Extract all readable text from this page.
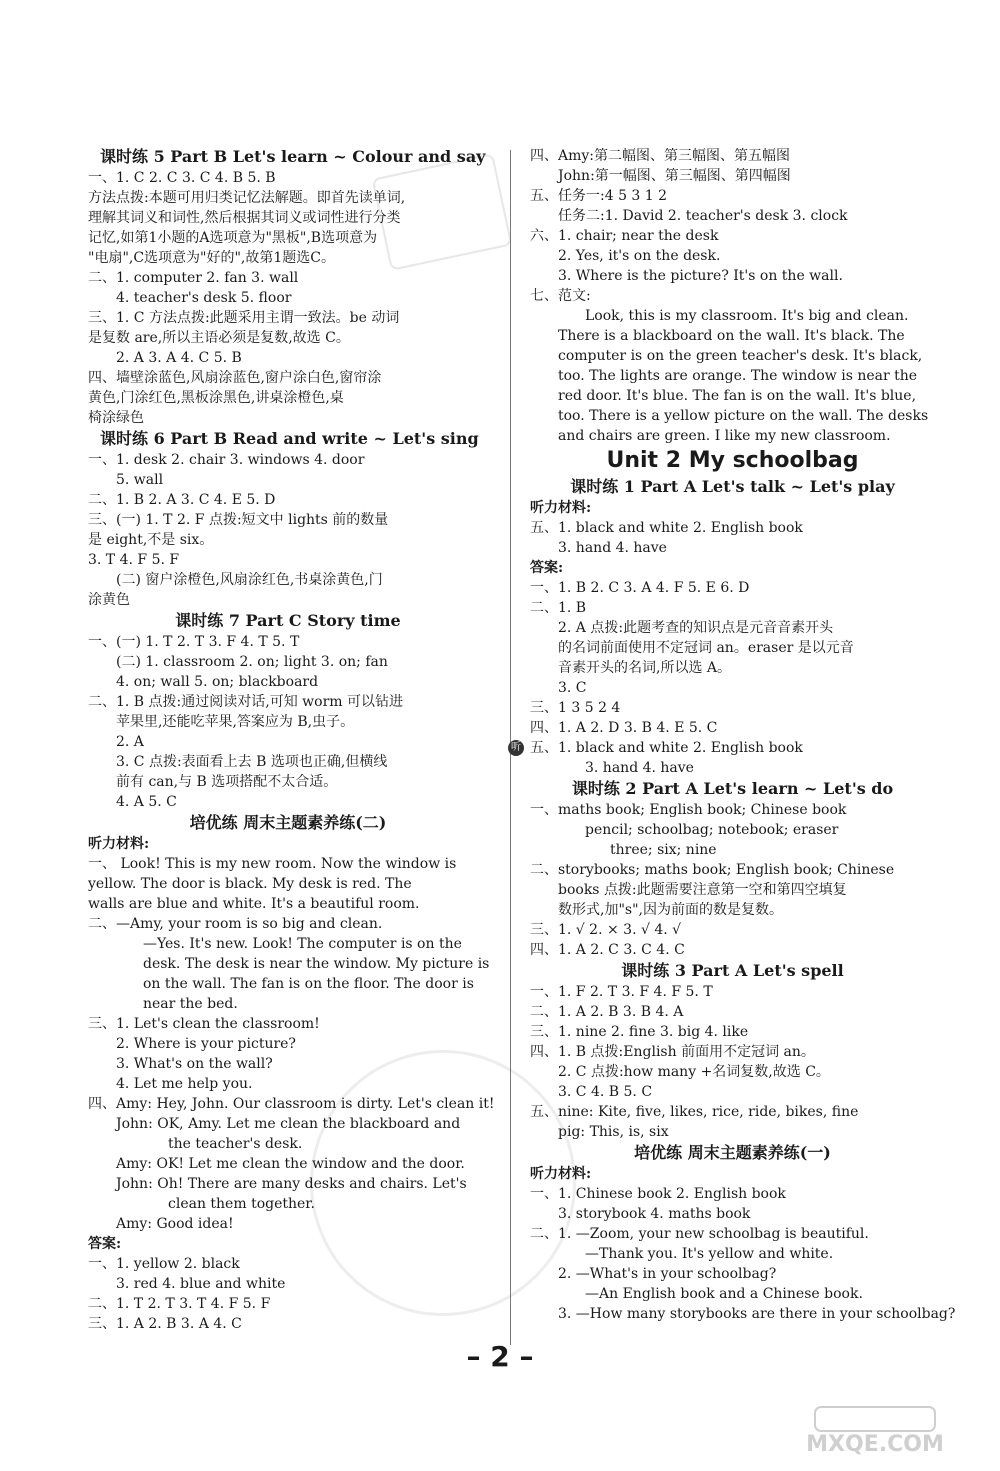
课时练 5 Part B Let's learn ~ Colour and say
一、1. C 2. C 3. C 4. B 5. B
方法点拨:本题可用归类记忆法解题。即首先读单词,
理解其词义和词性,然后根据其词义或词性进行分类
记忆,如第1小题的A选项意为"黑板",B选项意为
"电扇",C选项意为"好的",故第1题选C。
二、1. computer 2. fan 3. wall
4. teacher's desk 5. floor
三、1. C 方法点拨:此题采用主谓一致法。be 动词
是复数 are,所以主语必须是复数,故选 C。
2. A 3. A 4. C 5. B
四、墙壁涂蓝色,风扇涂蓝色,窗户涂白色,窗帘涂
黄色,门涂红色,黑板涂黑色,讲桌涂橙色,桌
椅涂绿色
课时练 6 Part B Read and write ~ Let's sing
一、1. desk 2. chair 3. windows 4. door
5. wall
二、1. B 2. A 3. C 4. E 5. D
三、(一) 1. T 2. F 点拨:短文中 lights 前的数量
是 eight,不是 six。
3. T 4. F 5. F
(二) 窗户涂橙色,风扇涂红色,书桌涂黄色,门
涂黄色
课时练 7 Part C Story time
一、(一) 1. T 2. T 3. F 4. T 5. T
(二) 1. classroom 2. on; light 3. on; fan
4. on; wall 5. on; blackboard
二、1. B 点拨:通过阅读对话,可知 worm 可以钻进
苹果里,还能吃苹果,答案应为 B,虫子。
2. A
3. C 点拨:表面看上去 B 选项也正确,但横线
前有 can,与 B 选项搭配不太合适。
4. A 5. C
培优练 周末主题素养练(二)
听力材料:
一、 Look! This is my new room. Now the window is
yellow. The door is black. My desk is red. The
walls are blue and white. It's a beautiful room.
二、—Amy, your room is so big and clean.
—Yes. It's new. Look! The computer is on the
desk. The desk is near the window. My picture is
on the wall. The fan is on the floor. The door is
near the bed.
三、1. Let's clean the classroom!
2. Where is your picture?
3. What's on the wall?
4. Let me help you.
四、Amy: Hey, John. Our classroom is dirty. Let's clean it!
John: OK, Amy. Let me clean the blackboard and
the teacher's desk.
Amy: OK! Let me clean the window and the door.
John: Oh! There are many desks and chairs. Let's
clean them together.
Amy: Good idea!
答案:
一、1. yellow 2. black
3. red 4. blue and white
二、1. T 2. T 3. T 4. F 5. F
三、1. A 2. B 3. A 4. C
四、Amy:第二幅图、第三幅图、第五幅图
John:第一幅图、第三幅图、第四幅图
五、任务一:4 5 3 1 2
任务二:1. David 2. teacher's desk 3. clock
六、1. chair; near the desk
2. Yes, it's on the desk.
3. Where is the picture? It's on the wall.
七、范文:
Look, this is my classroom. It's big and clean.
There is a blackboard on the wall. It's black. The
computer is on the green teacher's desk. It's black,
too. The lights are orange. The window is near the
red door. It's blue. The fan is on the wall. It's blue,
too. There is a yellow picture on the wall. The desks
and chairs are green. I like my new classroom.
Unit 2 My schoolbag
课时练 1 Part A Let's talk ~ Let's play
听力材料:
五、1. black and white 2. English book
3. hand 4. have
答案:
一、1. B 2. C 3. A 4. F 5. E 6. D
二、1. B
2. A 点拨:此题考查的知识点是元音音素开头
的名词前面使用不定冠词 an。eraser 是以元音
音素开头的名词,所以选 A。
3. C
三、1 3 5 2 4
四、1. A 2. D 3. B 4. E 5. C
听 五、1. black and white 2. English book
3. hand 4. have
课时练 2 Part A Let's learn ~ Let's do
一、maths book; English book; Chinese book
pencil; schoolbag; notebook; eraser
three; six; nine
二、storybooks; maths book; English book; Chinese
books 点拨:此题需要注意第一空和第四空填复
数形式,加"s",因为前面的数是复数。
三、1. √ 2. × 3. √ 4. √
四、1. A 2. C 3. C 4. C
课时练 3 Part A Let's spell
一、1. F 2. T 3. F 4. F 5. T
二、1. A 2. B 3. B 4. A
三、1. nine 2. fine 3. big 4. like
四、1. B 点拨:English 前面用不定冠词 an。
2. C 点拨:how many +名词复数,故选 C。
3. C 4. B 5. C
五、nine: Kite, five, likes, rice, ride, bikes, fine
pig: This, is, six
培优练 周末主题素养练(一)
听力材料:
一、1. Chinese book 2. English book
3. storybook 4. maths book
二、1. —Zoom, your new schoolbag is beautiful.
—Thank you. It's yellow and white.
2. —What's in your schoolbag?
—An English book and a Chinese book.
3. —How many storybooks are there in your schoolbag?
– 2 –
MXQE.COM
